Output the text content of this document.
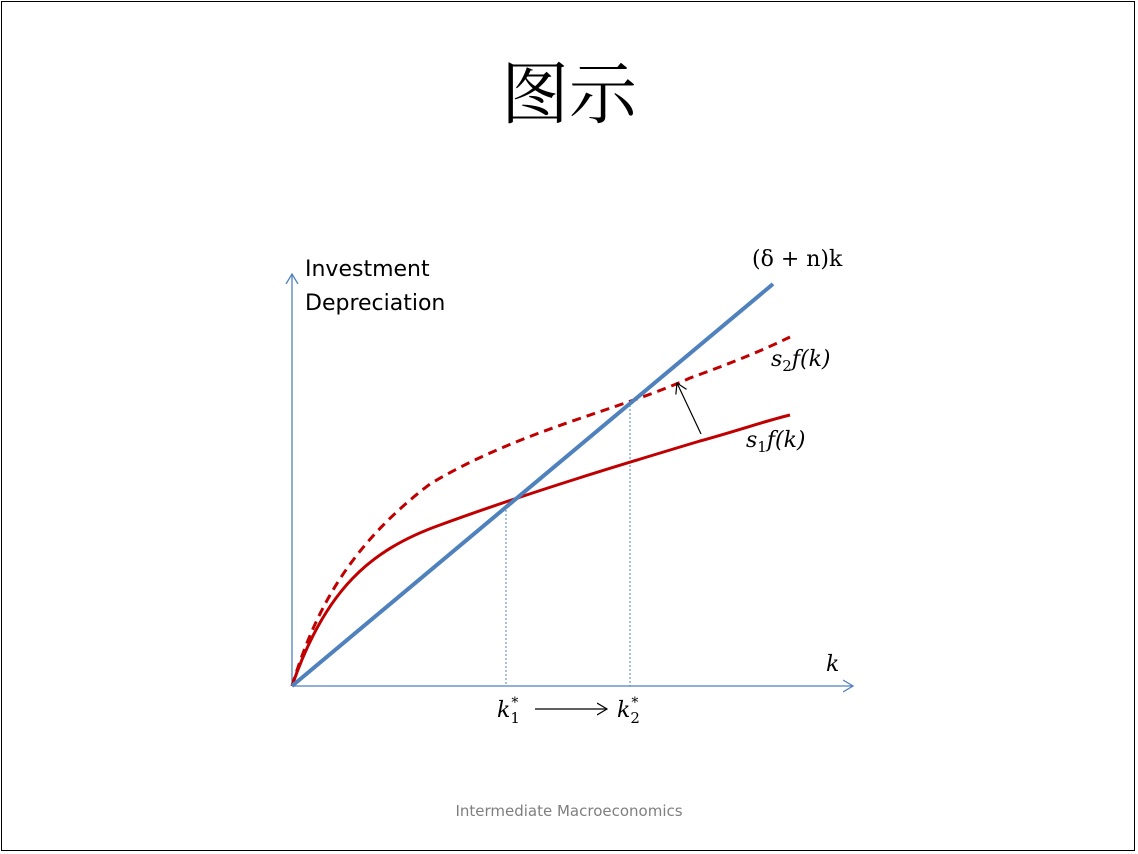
图示
Investment
Depreciation
k
(δ + n)k
s2f(k)
s1f(k)
k* 1	k* 2
Intermediate Macroeconomics
